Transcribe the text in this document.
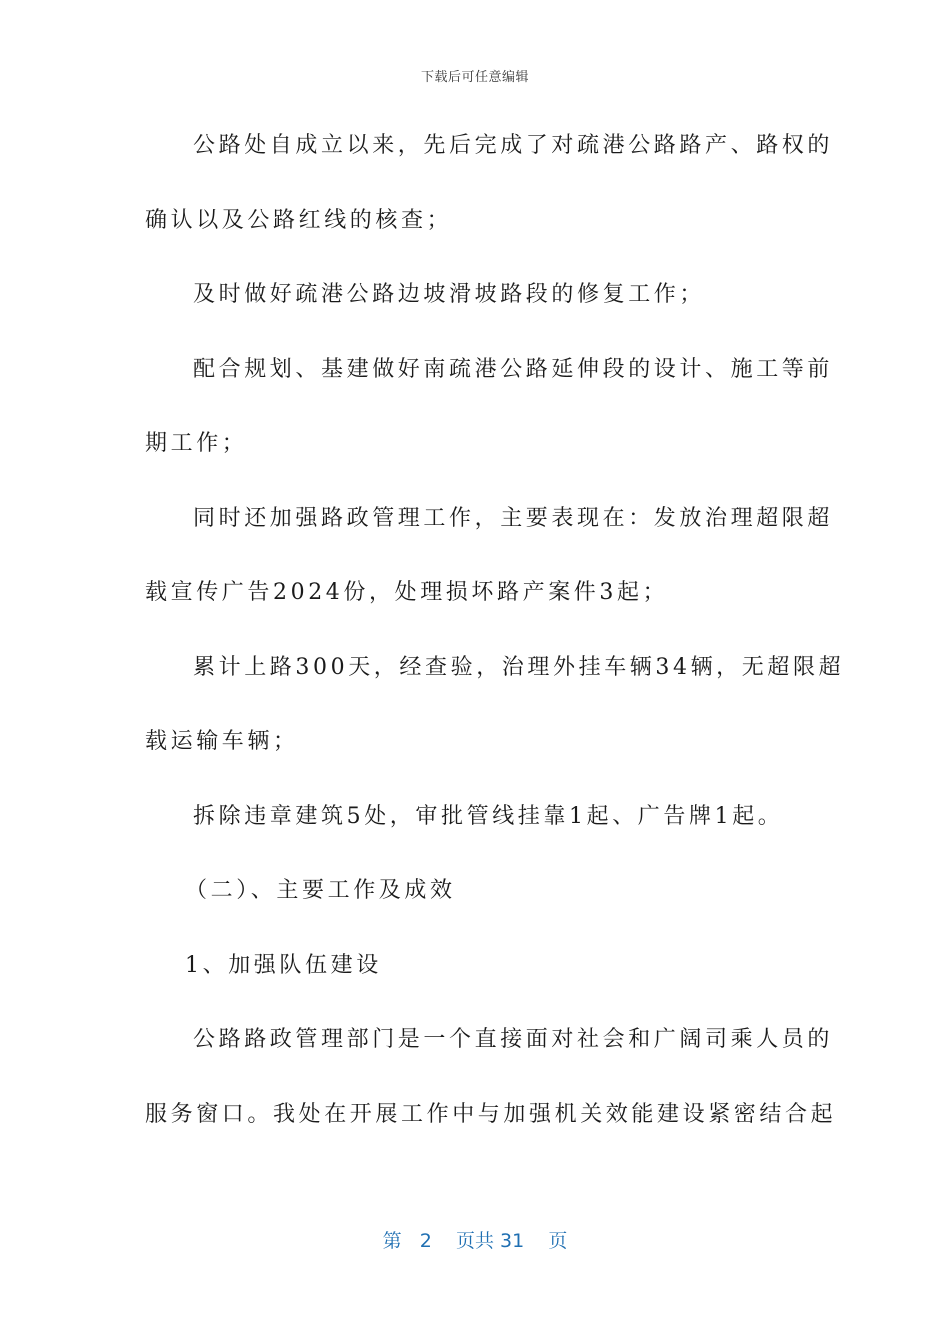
下载后可任意编辑
公路处自成立以来，先后完成了对疏港公路路产、路权的
确认以及公路红线的核查；
及时做好疏港公路边坡滑坡路段的修复工作；
配合规划、基建做好南疏港公路延伸段的设计、施工等前
期工作；
同时还加强路政管理工作，主要表现在：发放治理超限超
载宣传广告2024份，处理损坏路产案件3起；
累计上路300天，经查验，治理外挂车辆34辆，无超限超
载运输车辆；
拆除违章建筑5处，审批管线挂靠1起、广告牌1起。
（二）、主要工作及成效
1、加强队伍建设
公路路政管理部门是一个直接面对社会和广阔司乘人员的
服务窗口。我处在开展工作中与加强机关效能建设紧密结合起
第 2 页共 31 页
